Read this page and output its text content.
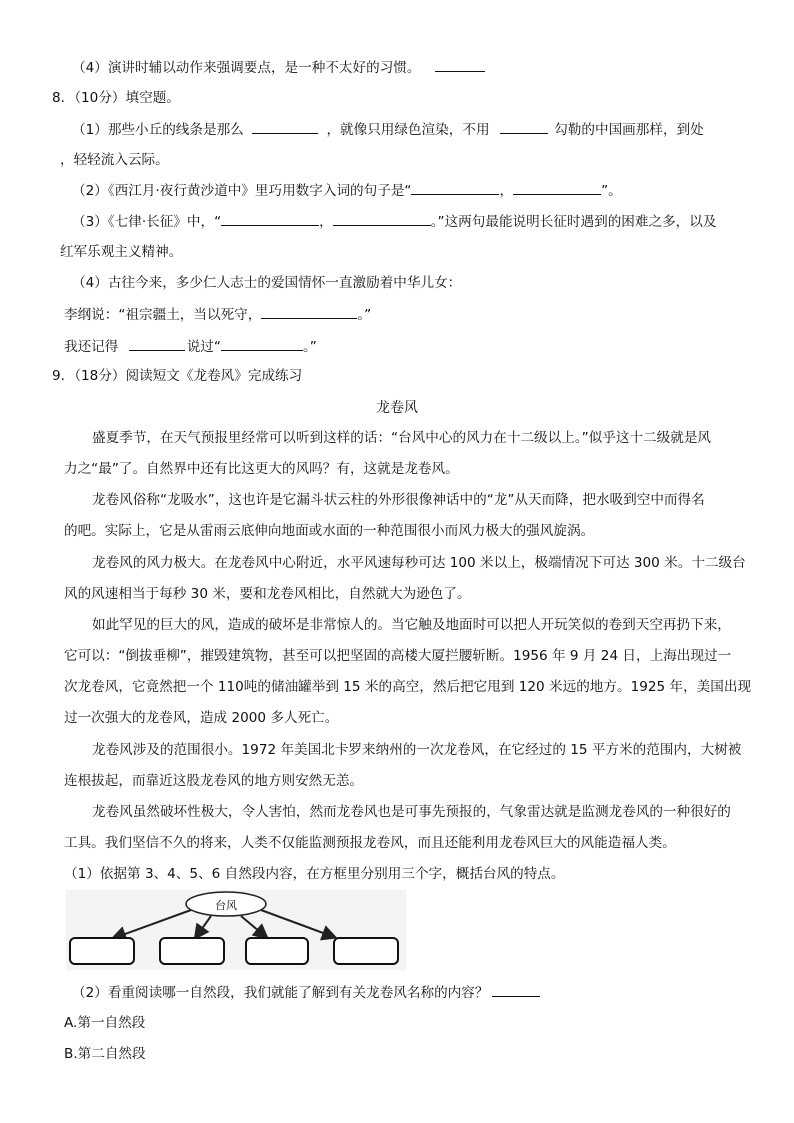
（4）演讲时辅以动作来强调要点，是一种不太好的习惯。
8．（10分）填空题。
（1）那些小丘的线条是那么	，就像只用绿色渲染，不用	勾勒的中国画那样，到处
，轻轻流入云际。
（2）《西江月·夜行黄沙道中》里巧用数字入词的句子是“	，	”。
（3）《七律·长征》中，“	，	。”这两句最能说明长征时遇到的困难之多，以及
红军乐观主义精神。
（4）古往今来，多少仁人志士的爱国情怀一直激励着中华儿女：
李纲说：“祖宗疆土，当以死守，	。”
我还记得	说过“	。”
9．（18分）阅读短文《龙卷风》完成练习
龙卷风
盛夏季节，在天气预报里经常可以听到这样的话：“台风中心的风力在十二级以上。”似乎这十二级就是风
力之“最”了。自然界中还有比这更大的风吗？有，这就是龙卷风。
龙卷风俗称“龙吸水”，这也许是它漏斗状云柱的外形很像神话中的“龙”从天而降，把水吸到空中而得名
的吧。实际上，它是从雷雨云底伸向地面或水面的一种范围很小而风力极大的强风旋涡。
龙卷风的风力极大。在龙卷风中心附近，水平风速每秒可达 100 米以上，极端情况下可达 300 米。十二级台
风的风速相当于每秒 30 米，要和龙卷风相比，自然就大为逊色了。
如此罕见的巨大的风，造成的破坏是非常惊人的。当它触及地面时可以把人开玩笑似的卷到天空再扔下来，
它可以：“倒拔垂柳”，摧毁建筑物，甚至可以把坚固的高楼大厦拦腰斩断。1956 年 9 月 24 日，上海出现过一
次龙卷风，它竟然把一个 110吨的储油罐举到 15 米的高空，然后把它甩到 120 米远的地方。1925 年，美国出现
过一次强大的龙卷风，造成 2000 多人死亡。
龙卷风涉及的范围很小。1972 年美国北卡罗来纳州的一次龙卷风，在它经过的 15 平方米的范围内，大树被
连根拔起，而靠近这股龙卷风的地方则安然无恙。
龙卷风虽然破坏性极大，令人害怕，然而龙卷风也是可事先预报的，气象雷达就是监测龙卷风的一种很好的
工具。我们坚信不久的将来，人类不仅能监测预报龙卷风，而且还能利用龙卷风巨大的风能造福人类。
（1）依据第 3、4、5、6 自然段内容，在方框里分别用三个字，概括台风的特点。
台风
（2）看重阅读哪一自然段，我们就能了解到有关龙卷风名称的内容？
A.第一自然段
B.第二自然段
